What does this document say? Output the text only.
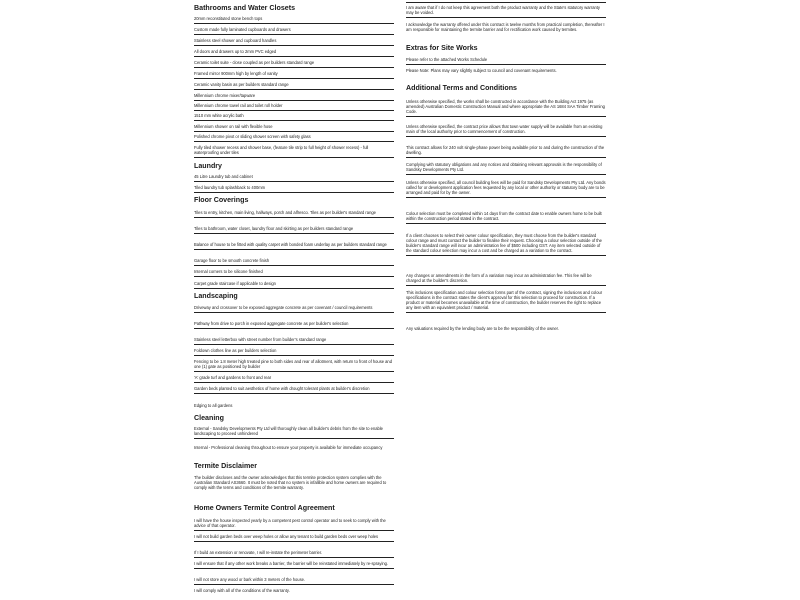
Bathrooms and Water Closets
20mm reconstituted stone bench tops
Custom made fully laminated cupboards and drawers
Stainless steel shower and cupboard handles
All doors and drawers up to 2mm PVC edged
Ceramic toilet suite - close coupled as per builders standard range
Framed mirror 900mm high by length of vanity
Ceramic vanity basin as per builders standard range
Millennium chrome mixer/tapware
Millennium chrome towel rail and toilet roll holder
1510 mm white acrylic bath
Millennium shower on rail with flexible hose
Polished chrome pivot or sliding shower screen with safety glass
Fully tiled shower recess and shower base, (feature tile strip to full height of shower recess) - full waterproofing under tiles
Laundry
45 Litre Laundry tub and cabinet
Tiled laundry tub splashback to 400mm
Floor Coverings
Tiles to entry, kitchen, main living, hallways, porch and alfresco. Tiles as per builder's standard range
Tiles to bathroom, water closet, laundry floor and skirting as per builders standard range
Balance of house to be fitted with quality carpet with bonded foam underlay as per builders standard range
Garage floor to be smooth concrete finish
Internal corners to be silicone finished
Carpet grade staircase if applicable to design
Landscaping
Driveway and crossover to be exposed aggregate concrete as per covenant / council requirements
Pathway from drive to porch in exposed aggregate concrete as per builder's selection
Stainless steel letterbox with street number from builder's standard range
Foldown clothes line as per builders selection
Fencing to be 1.8 meter high treated pine to both sides and rear of allotment, with return to front of house and one (1) gate as positioned by builder
'A' grade turf and gardens to front and rear
Garden beds planted to suit aesthetics of home with drought tolerant plants at builder's discretion
Edging to all gardens
Cleaning
External - Sandsky Developments Pty Ltd will thoroughly clean all builder's debris from the site to enable landscaping to proceed unhindered
Internal - Professional cleaning throughout to ensure your property is available for immediate occupancy
Termite Disclaimer
The builder discloses and the owner acknowledges that this termite protection system complies with the Australian Standard AS3660. It must be noted that no system is infallible and home owners are required to comply with the terms and conditions of the termite warranty.
Home Owners Termite Control Agreement
I will have the house inspected yearly by a competent pest control operator and to seek to comply with the advice of that operator.
I will not build garden beds over weep holes or allow any tenant to build garden beds over weep holes
If I build an extension or renovate, I will re-instate the perimeter barrier.
I will ensure that if any other work breaks a barrier, the barrier will be reinstated immediately by re-spraying.
I will not store any wood or bark within 3 meters of the house.
I will comply with all of the conditions of the warranty.
I am aware that if I do not keep this agreement both the product warranty and the State's statutory warranty may be voided.
I acknowledge the warranty offered under this contract is twelve months from practical completion, thereafter I am responsible for maintaining the termite barrier and for rectification work caused by termites.
Extras for Site Works
Please refer to the attached Works Schedule
Please Note: Plans may vary slightly subject to council and covenant requirements.
Additional Terms and Conditions
Unless otherwise specified, the works shall be constructed in accordance with the Building Act 1975 (as amended) Australian Domestic Construction Manual and where appropriate the AS 1684 SAA Timber Framing Code.
Unless otherwise specified, the contract price allows that town water supply will be available from an existing main of the local authority prior to commencement of construction.
This contract allows for 240 volt single-phase power being available prior to and during the construction of the dwelling.
Complying with statutory obligations and any notices and obtaining relevant approvals is the responsibility of Sandsky Developments Pty Ltd.
Unless otherwise specified, all council building fees will be paid for Sandsky Developments Pty Ltd. Any bonds called for or development application fees requested by any local or other authority or statutory body are to be arranged and paid for by the owner.
Colour selection must be completed within 14 days from the contract date to enable owners home to be built within the construction period stated in the contract.
If a client chooses to select their owner colour specification, they must choose from the builder's standard colour range and must contact the builder to finalise their request. Choosing a colour selection outside of the builder's standard range will incur an administration fee of $500 including GST. Any item selected outside of the standard colour selection may incur a cost and be charged as a variation to the contract.
Any changes or amendments in the form of a variation may incur an administration fee. This fee will be charged at the builder's discretion.
This inclusions specification and colour selection forms part of the contract, signing the inclusions and colour specifications in the contract states the client's approval for this selection to proceed for construction. If a product or material becomes unavailable at the time of construction, the builder reserves the right to replace any item with an equivalent product / material.
Any valuations required by the lending body are to be the responsibility of the owner.
